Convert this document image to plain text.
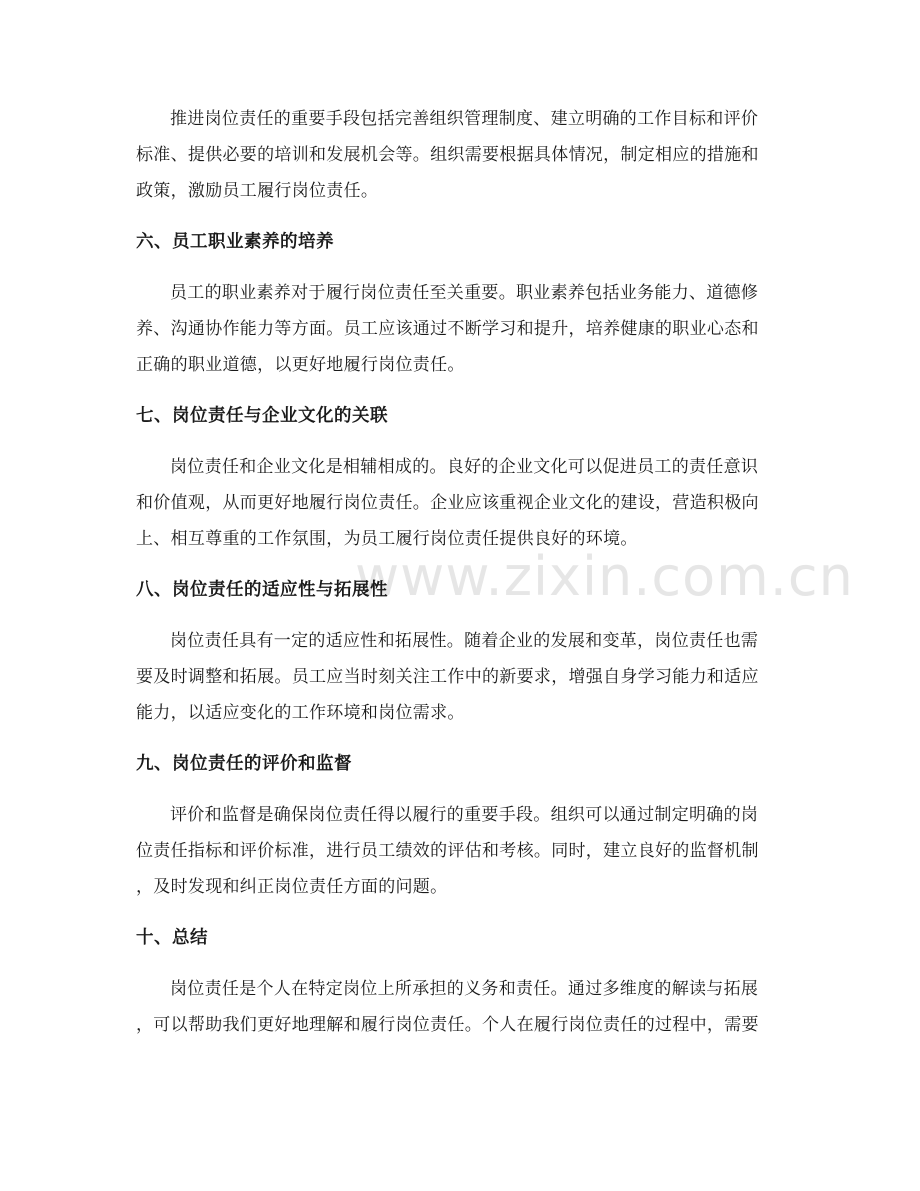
www.zixin.com.cn

推进岗位责任的重要手段包括完善组织管理制度、建立明确的工作目标和评价
标准、提供必要的培训和发展机会等。组织需要根据具体情况，制定相应的措施和
政策，激励员工履行岗位责任。

六、员工职业素养的培养

员工的职业素养对于履行岗位责任至关重要。职业素养包括业务能力、道德修
养、沟通协作能力等方面。员工应该通过不断学习和提升，培养健康的职业心态和
正确的职业道德，以更好地履行岗位责任。

七、岗位责任与企业文化的关联

岗位责任和企业文化是相辅相成的。良好的企业文化可以促进员工的责任意识
和价值观，从而更好地履行岗位责任。企业应该重视企业文化的建设，营造积极向
上、相互尊重的工作氛围，为员工履行岗位责任提供良好的环境。

八、岗位责任的适应性与拓展性

岗位责任具有一定的适应性和拓展性。随着企业的发展和变革，岗位责任也需
要及时调整和拓展。员工应当时刻关注工作中的新要求，增强自身学习能力和适应
能力，以适应变化的工作环境和岗位需求。

九、岗位责任的评价和监督

评价和监督是确保岗位责任得以履行的重要手段。组织可以通过制定明确的岗
位责任指标和评价标准，进行员工绩效的评估和考核。同时，建立良好的监督机制
，及时发现和纠正岗位责任方面的问题。

十、总结

岗位责任是个人在特定岗位上所承担的义务和责任。通过多维度的解读与拓展
，可以帮助我们更好地理解和履行岗位责任。个人在履行岗位责任的过程中，需要
